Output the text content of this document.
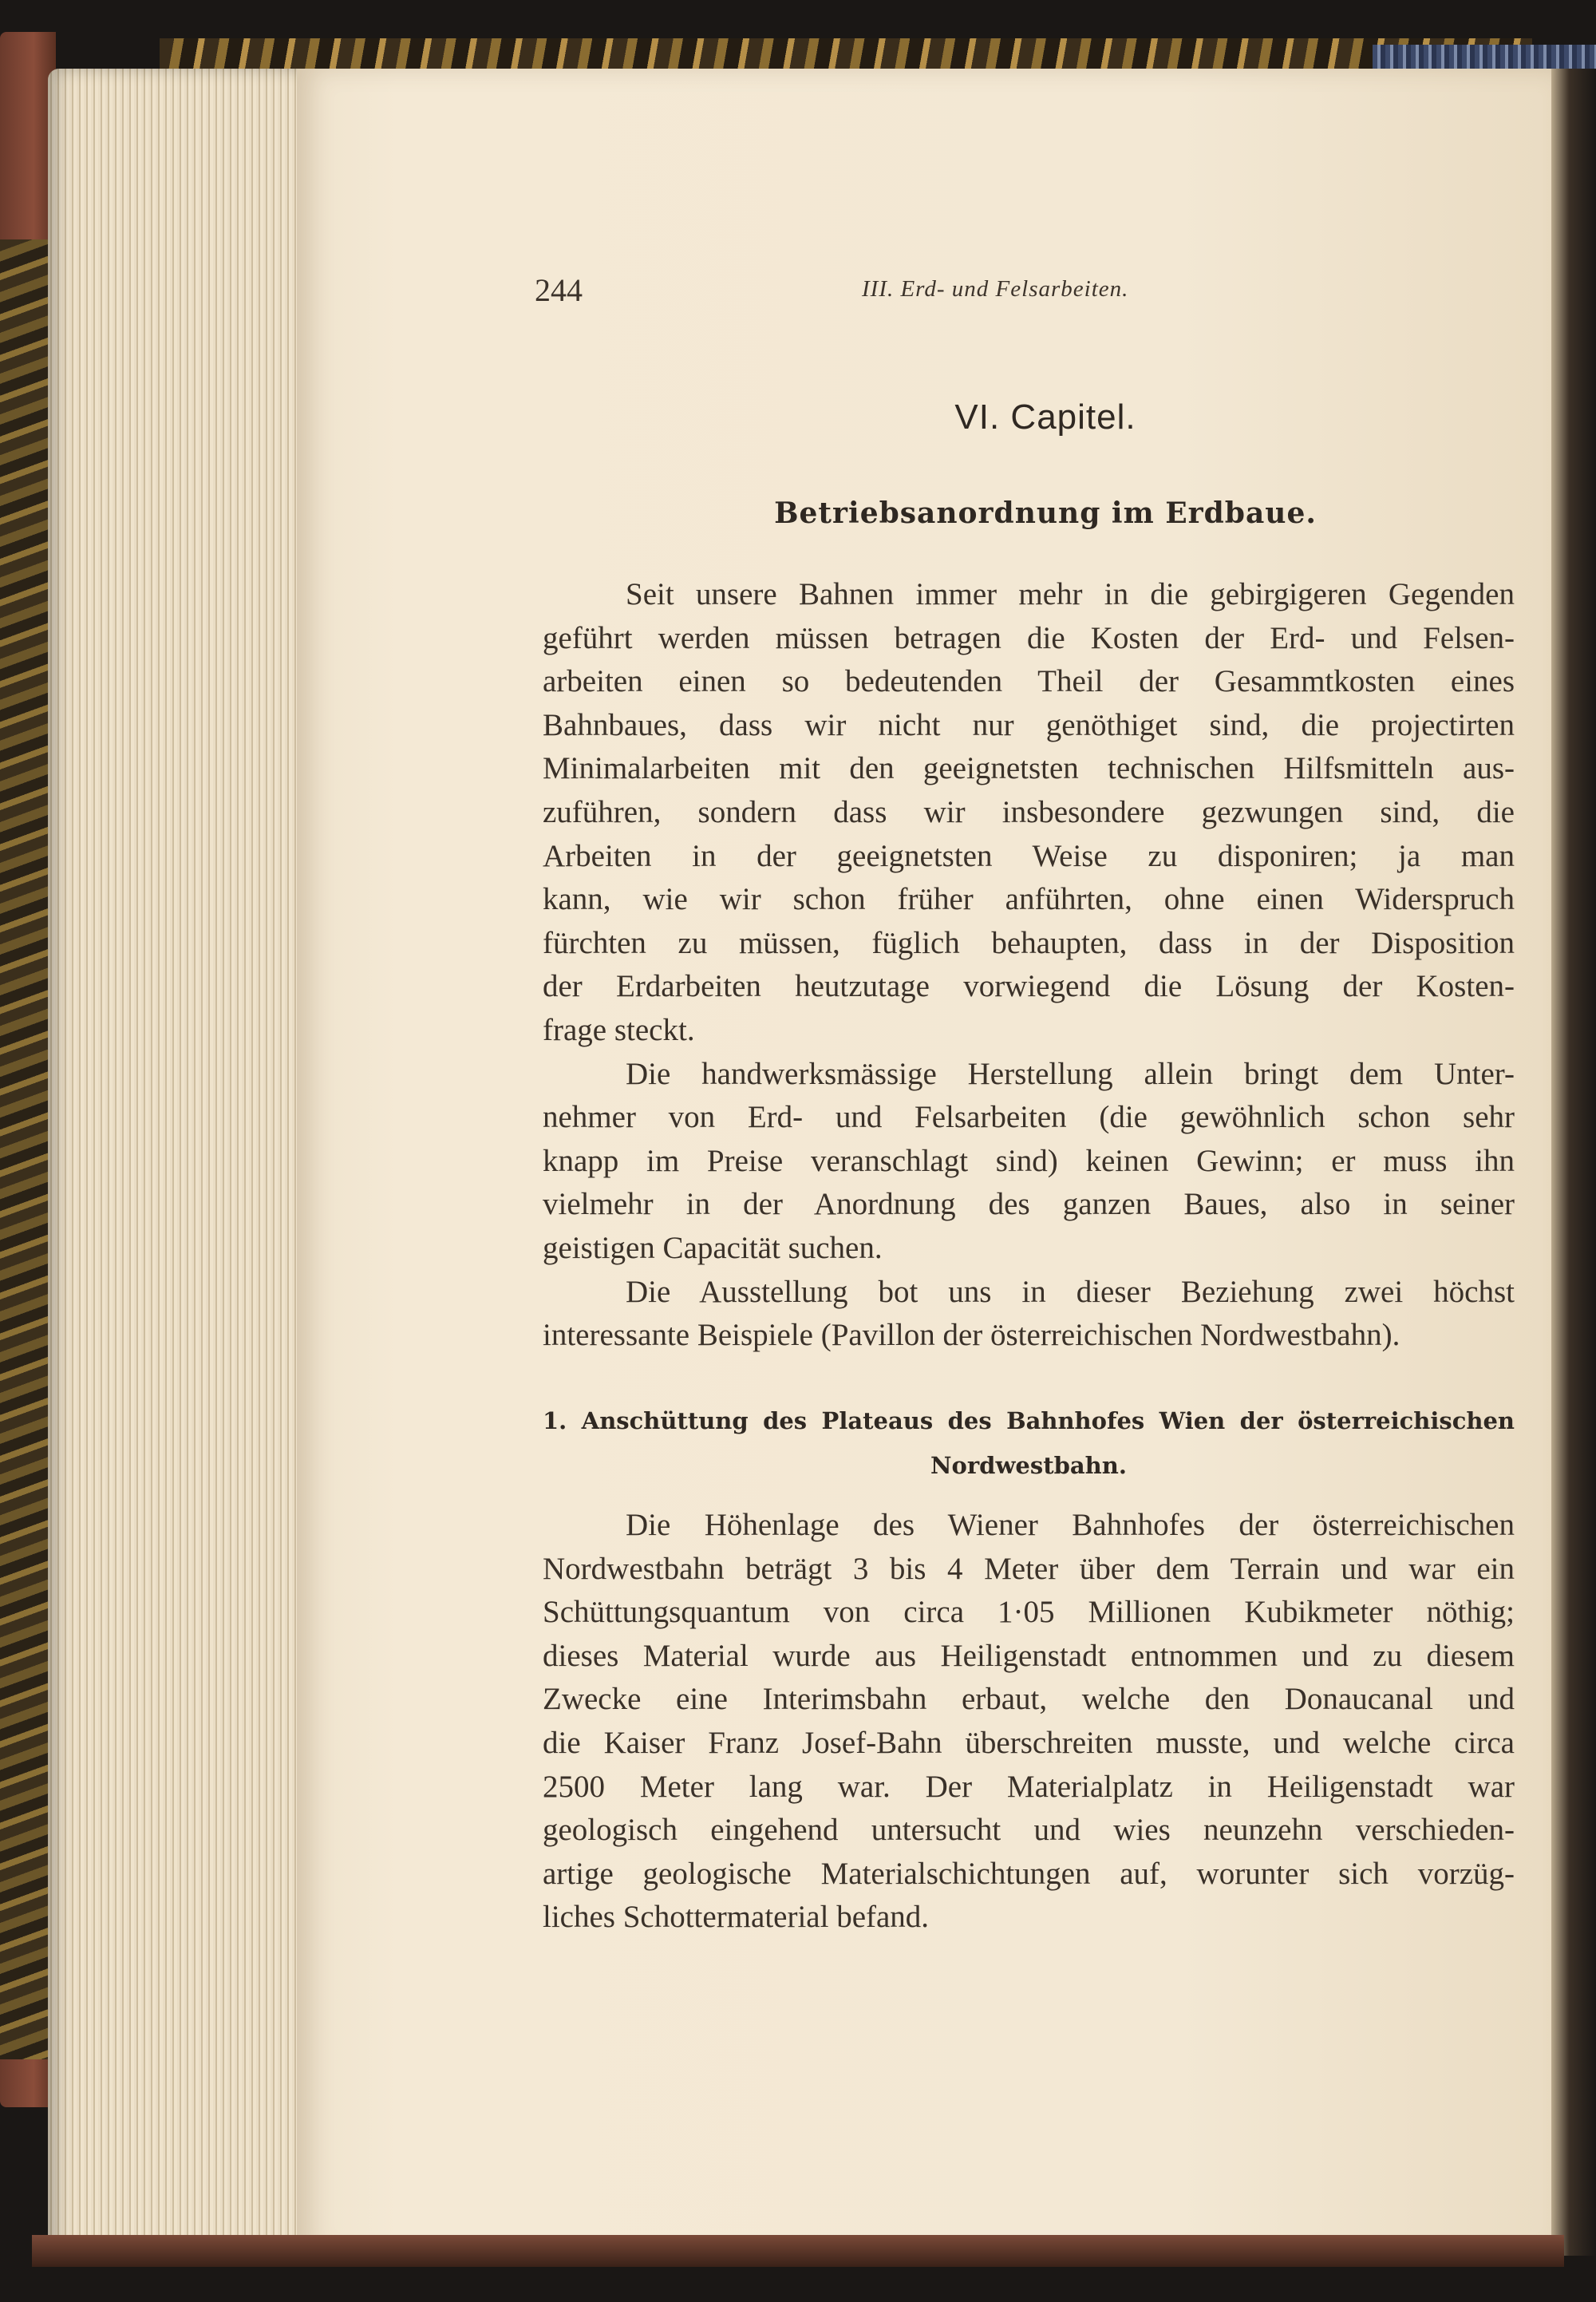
244	III. Erd- und Felsarbeiten.
VI. Capitel.
Betriebsanordnung im Erdbaue.
Seit unsere Bahnen immer mehr in die gebirgigeren Gegenden
geführt werden müssen betragen die Kosten der Erd- und Felsen-
arbeiten einen so bedeutenden Theil der Gesammtkosten eines
Bahnbaues, dass wir nicht nur genöthiget sind, die projectirten
Minimalarbeiten mit den geeignetsten technischen Hilfsmitteln aus-
zuführen, sondern dass wir insbesondere gezwungen sind, die
Arbeiten in der geeignetsten Weise zu disponiren; ja man
kann, wie wir schon früher anführten, ohne einen Widerspruch
fürchten zu müssen, füglich behaupten, dass in der Disposition
der Erdarbeiten heutzutage vorwiegend die Lösung der Kosten-
frage steckt.
Die handwerksmässige Herstellung allein bringt dem Unter-
nehmer von Erd- und Felsarbeiten (die gewöhnlich schon sehr
knapp im Preise veranschlagt sind) keinen Gewinn; er muss ihn
vielmehr in der Anordnung des ganzen Baues, also in seiner
geistigen Capacität suchen.
Die Ausstellung bot uns in dieser Beziehung zwei höchst
interessante Beispiele (Pavillon der österreichischen Nordwestbahn).
1. Anschüttung des Plateaus des Bahnhofes Wien der österreichischen
Nordwestbahn.
Die Höhenlage des Wiener Bahnhofes der österreichischen
Nordwestbahn beträgt 3 bis 4 Meter über dem Terrain und war ein
Schüttungsquantum von circa 1·05 Millionen Kubikmeter nöthig;
dieses Material wurde aus Heiligenstadt entnommen und zu diesem
Zwecke eine Interimsbahn erbaut, welche den Donaucanal und
die Kaiser Franz Josef-Bahn überschreiten musste, und welche circa
2500 Meter lang war. Der Materialplatz in Heiligenstadt war
geologisch eingehend untersucht und wies neunzehn verschieden-
artige geologische Materialschichtungen auf, worunter sich vorzüg-
liches Schottermaterial befand.
